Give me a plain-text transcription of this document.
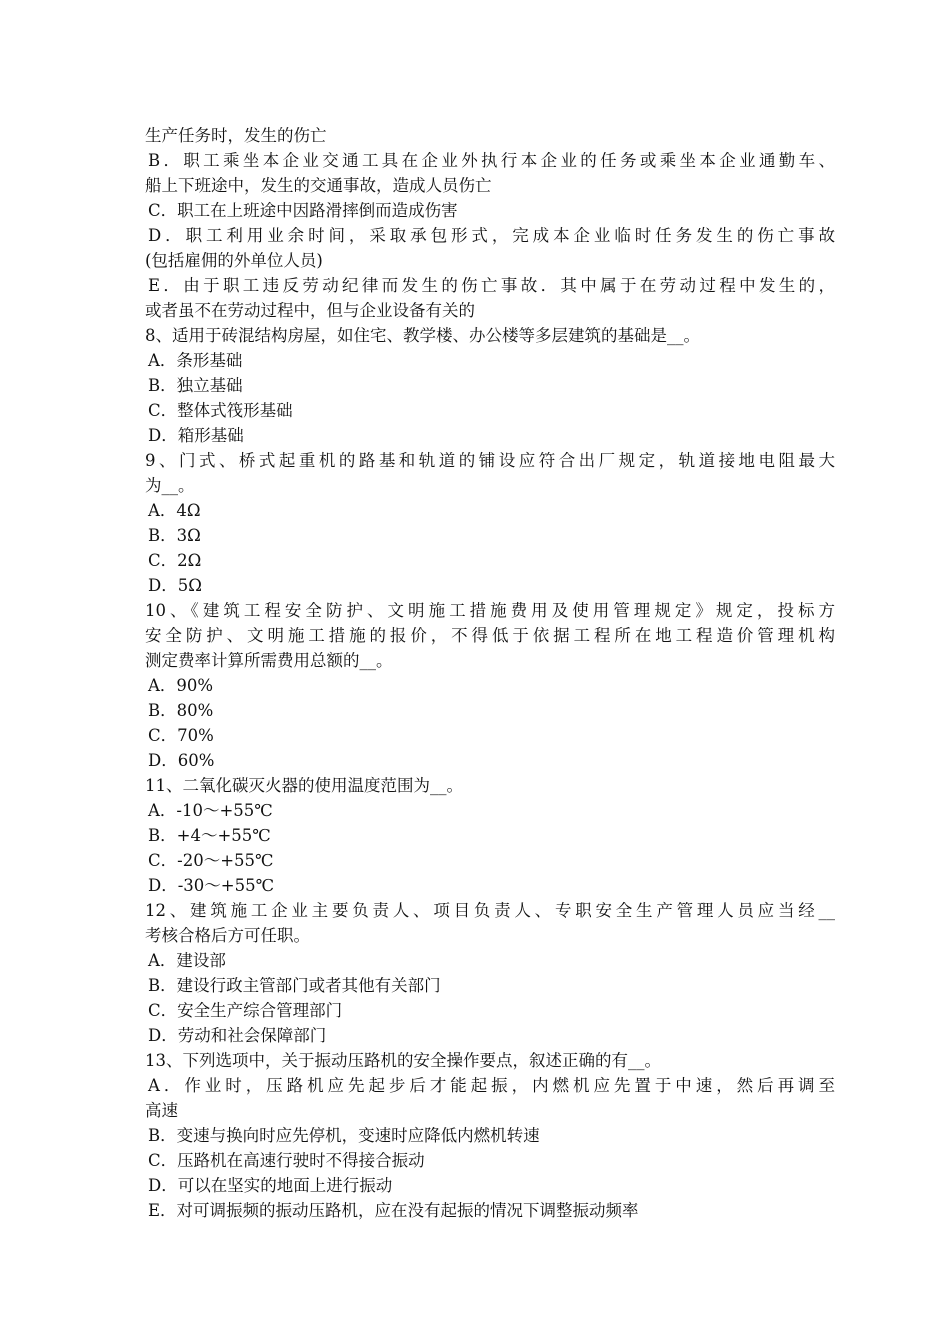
生产任务时，发生的伤亡
B．职工乘坐本企业交通工具在企业外执行本企业的任务或乘坐本企业通勤车、
船上下班途中，发生的交通事故，造成人员伤亡
C．职工在上班途中因路滑摔倒而造成伤害
D．职工利用业余时间，采取承包形式，完成本企业临时任务发生的伤亡事故
(包括雇佣的外单位人员)
E．由于职工违反劳动纪律而发生的伤亡事故．其中属于在劳动过程中发生的，
或者虽不在劳动过程中，但与企业设备有关的
8、适用于砖混结构房屋，如住宅、教学楼、办公楼等多层建筑的基础是__。
A．条形基础
B．独立基础
C．整体式筏形基础
D．箱形基础
9、门式、桥式起重机的路基和轨道的铺设应符合出厂规定，轨道接地电阻最大
为__。
A．4Ω
B．3Ω
C．2Ω
D．5Ω
10、《建筑工程安全防护、文明施工措施费用及使用管理规定》规定，投标方
安全防护、文明施工措施的报价，不得低于依据工程所在地工程造价管理机构
测定费率计算所需费用总额的__。
A．90%
B．80%
C．70%
D．60%
11、二氧化碳灭火器的使用温度范围为__。
A．-10～+55℃
B．+4～+55℃
C．-20～+55℃
D．-30～+55℃
12、建筑施工企业主要负责人、项目负责人、专职安全生产管理人员应当经__
考核合格后方可任职。
A．建设部
B．建设行政主管部门或者其他有关部门
C．安全生产综合管理部门
D．劳动和社会保障部门
13、下列选项中，关于振动压路机的安全操作要点，叙述正确的有__。
A．作业时，压路机应先起步后才能起振，内燃机应先置于中速，然后再调至
高速
B．变速与换向时应先停机，变速时应降低内燃机转速
C．压路机在高速行驶时不得接合振动
D．可以在坚实的地面上进行振动
E．对可调振频的振动压路机，应在没有起振的情况下调整振动频率
